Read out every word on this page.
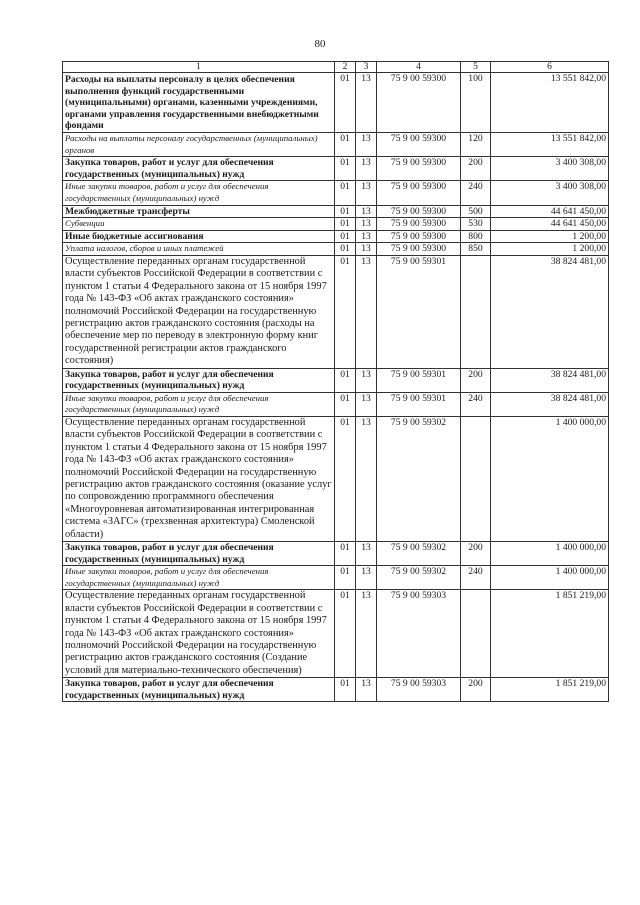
80
1	2	3	4	5	6
Расходы на выплаты персоналу в целях обеспечения выполнения функций государственными (муниципальными) органами, казенными учреждениями, органами управления государственными внебюджетными фондами	01	13	75 9 00 59300	100	13 551 842,00
Расходы на выплаты персоналу государственных (муниципальных) органов	01	13	75 9 00 59300	120	13 551 842,00
Закупка товаров, работ и услуг для обеспечения государственных (муниципальных) нужд	01	13	75 9 00 59300	200	3 400 308,00
Иные закупки товаров, работ и услуг для обеспечения государственных (муниципальных) нужд	01	13	75 9 00 59300	240	3 400 308,00
Межбюджетные трансферты	01	13	75 9 00 59300	500	44 641 450,00
Субвенции	01	13	75 9 00 59300	530	44 641 450,00
Иные бюджетные ассигнования	01	13	75 9 00 59300	800	1 200,00
Уплата налогов, сборов и иных платежей	01	13	75 9 00 59300	850	1 200,00
Осуществление переданных органам государственной власти субъектов Российской Федерации в соответствии с пунктом 1 статьи 4 Федерального закона от 15 ноября 1997 года № 143-ФЗ «Об актах гражданского состояния» полномочий Российской Федерации на государственную регистрацию актов гражданского состояния (расходы на обеспечение мер по переводу в электронную форму книг государственной регистрации актов гражданского состояния)	01	13	75 9 00 59301		38 824 481,00
Закупка товаров, работ и услуг для обеспечения государственных (муниципальных) нужд	01	13	75 9 00 59301	200	38 824 481,00
Иные закупки товаров, работ и услуг для обеспечения государственных (муниципальных) нужд	01	13	75 9 00 59301	240	38 824 481,00
Осуществление переданных органам государственной власти субъектов Российской Федерации в соответствии с пунктом 1 статьи 4 Федерального закона от 15 ноября 1997 года № 143-ФЗ «Об актах гражданского состояния» полномочий Российской Федерации на государственную регистрацию актов гражданского состояния (оказание услуг по сопровождению программного обеспечения «Многоуровневая автоматизированная интегрированная система «ЗАГС» (трехзвенная архитектура) Смоленской области)	01	13	75 9 00 59302		1 400 000,00
Закупка товаров, работ и услуг для обеспечения государственных (муниципальных) нужд	01	13	75 9 00 59302	200	1 400 000,00
Иные закупки товаров, работ и услуг для обеспечения государственных (муниципальных) нужд	01	13	75 9 00 59302	240	1 400 000,00
Осуществление переданных органам государственной власти субъектов Российской Федерации в соответствии с пунктом 1 статьи 4 Федерального закона от 15 ноября 1997 года № 143-ФЗ «Об актах гражданского состояния» полномочий Российской Федерации на государственную регистрацию актов гражданского состояния (Создание условий для материально-технического обеспечения)	01	13	75 9 00 59303		1 851 219,00
Закупка товаров, работ и услуг для обеспечения государственных (муниципальных) нужд	01	13	75 9 00 59303	200	1 851 219,00
